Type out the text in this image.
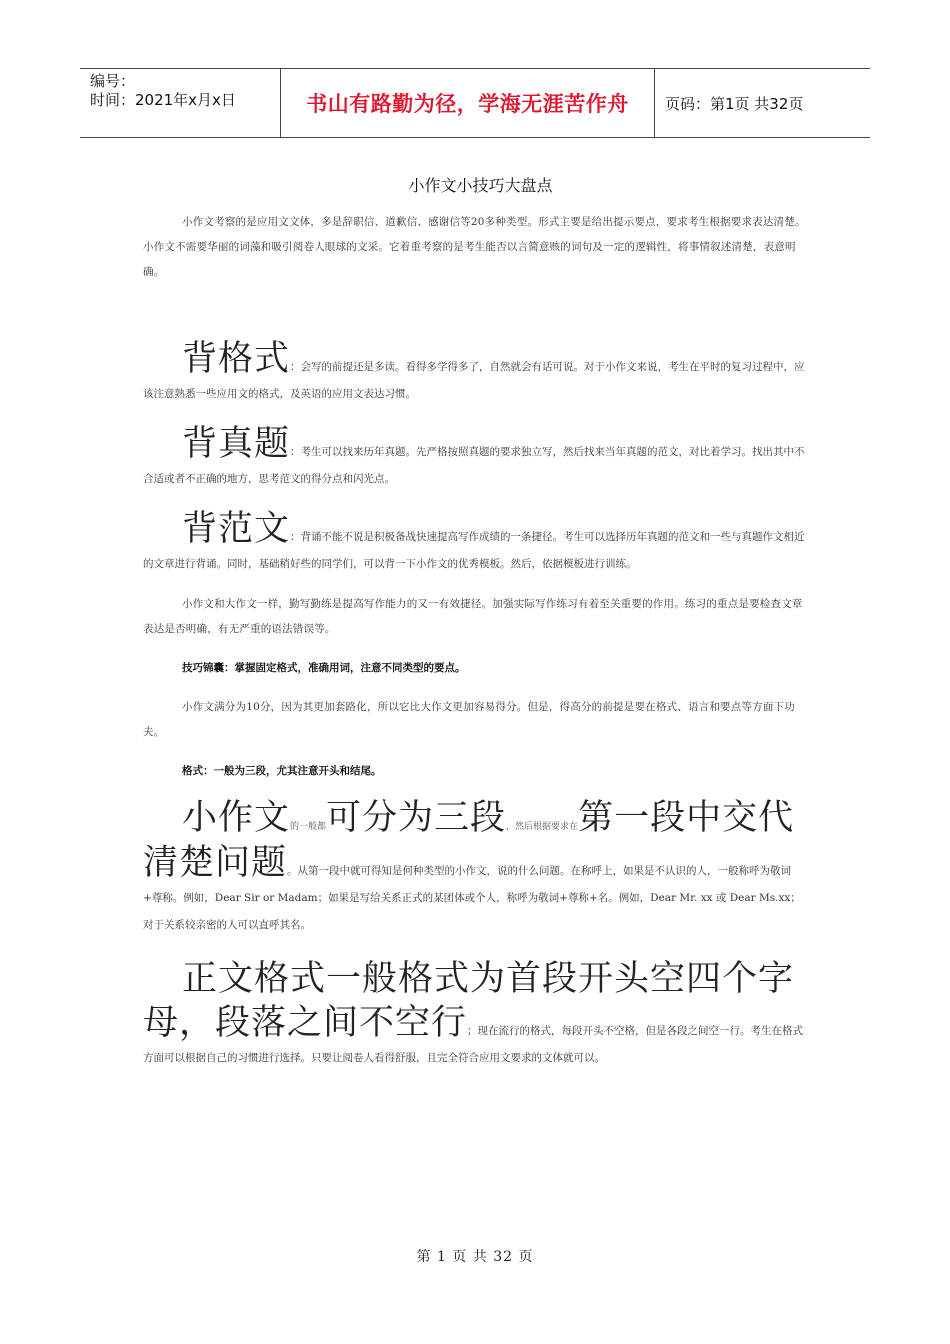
编号：
时间：2021年x月x日	书山有路勤为径，学海无涯苦作舟 页码：第1页 共32页
小作文小技巧大盘点

小作文考察的是应用文文体，多是辞职信、道歉信、感谢信等20多种类型。形式主要是给出提示要点，要求考生根据要求表达清楚。小作文不需要华丽的词藻和吸引阅卷人眼球的文采。它着重考察的是考生能否以言简意赅的词句及一定的逻辑性，将事情叙述清楚，表意明确。

背格式：会写的前提还是多读。看得多学得多了，自然就会有话可说。对于小作文来说，考生在平时的复习过程中，应该注意熟悉一些应用文的格式，及英语的应用文表达习惯。

背真题：考生可以找来历年真题。先严格按照真题的要求独立写，然后找来当年真题的范文，对比着学习。找出其中不合适或者不正确的地方，思考范文的得分点和闪光点。

背范文：背诵不能不说是积极备战快速提高写作成绩的一条捷径。考生可以选择历年真题的范文和一些与真题作文相近的文章进行背诵。同时，基础稍好些的同学们，可以背一下小作文的优秀模板。然后，依据模板进行训练。

小作文和大作文一样，勤写勤练是提高写作能力的又一有效捷径。加强实际写作练习有着至关重要的作用。练习的重点是要检查文章表达是否明确，有无严重的语法错误等。

技巧锦囊：掌握固定格式，准确用词，注意不同类型的要点。

小作文满分为10分，因为其更加套路化，所以它比大作文更加容易得分。但是，得高分的前提是要在格式、语言和要点等方面下功夫。

格式：一般为三段，尤其注意开头和结尾。

小作文的一般都可分为三段，然后根据要求在第一段中交代清楚问题。从第一段中就可得知是何种类型的小作文，说的什么问题。在称呼上，如果是不认识的人，一般称呼为敬词+尊称。例如，Dear Sir or Madam；如果是写给关系正式的某团体或个人，称呼为敬词+尊称+名。例如，Dear Mr. xx 或 Dear Ms.xx；对于关系较亲密的人可以直呼其名。

正文格式一般格式为首段开头空四个字母，段落之间不空行；现在流行的格式，每段开头不空格，但是各段之间空一行。考生在格式方面可以根据自己的习惯进行选择。只要让阅卷人看得舒服，且完全符合应用文要求的文体就可以。

第 1 页 共 32 页
